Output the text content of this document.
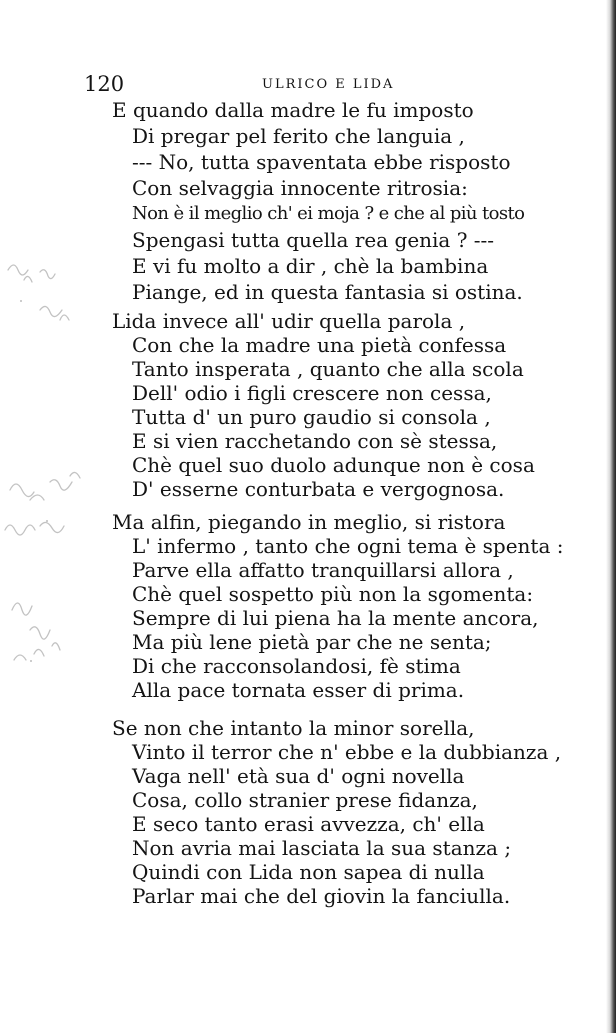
120	ULRICO E LIDA
E quando dalla madre le fu imposto
Di pregar pel ferito che languia ,
--- No, tutta spaventata ebbe risposto
Con selvaggia innocente ritrosia:
Non è il meglio ch' ei moja ? e che al più tosto
Spengasi tutta quella rea genia ? ---
E vi fu molto a dir , chè la bambina
Piange, ed in questa fantasia si ostina.
Lida invece all' udir quella parola ,
Con che la madre una pietà confessa
Tanto insperata , quanto che alla scola
Dell' odio i figli crescere non cessa,
Tutta d' un puro gaudio si consola ,
E si vien racchetando con sè stessa,
Chè quel suo duolo adunque non è cosa
D' esserne conturbata e vergognosa.
Ma alfin, piegando in meglio, si ristora
L' infermo , tanto che ogni tema è spenta :
Parve ella affatto tranquillarsi allora ,
Chè quel sospetto più non la sgomenta:
Sempre di lui piena ha la mente ancora,
Ma più lene pietà par che ne senta;
Di che racconsolandosi, fè stima
Alla pace tornata esser di prima.
Se non che intanto la minor sorella,
Vinto il terror che n' ebbe e la dubbianza ,
Vaga nell' età sua d' ogni novella
Cosa, collo stranier prese fidanza,
E seco tanto erasi avvezza, ch' ella
Non avria mai lasciata la sua stanza ;
Quindi con Lida non sapea di nulla
Parlar mai che del giovin la fanciulla.
